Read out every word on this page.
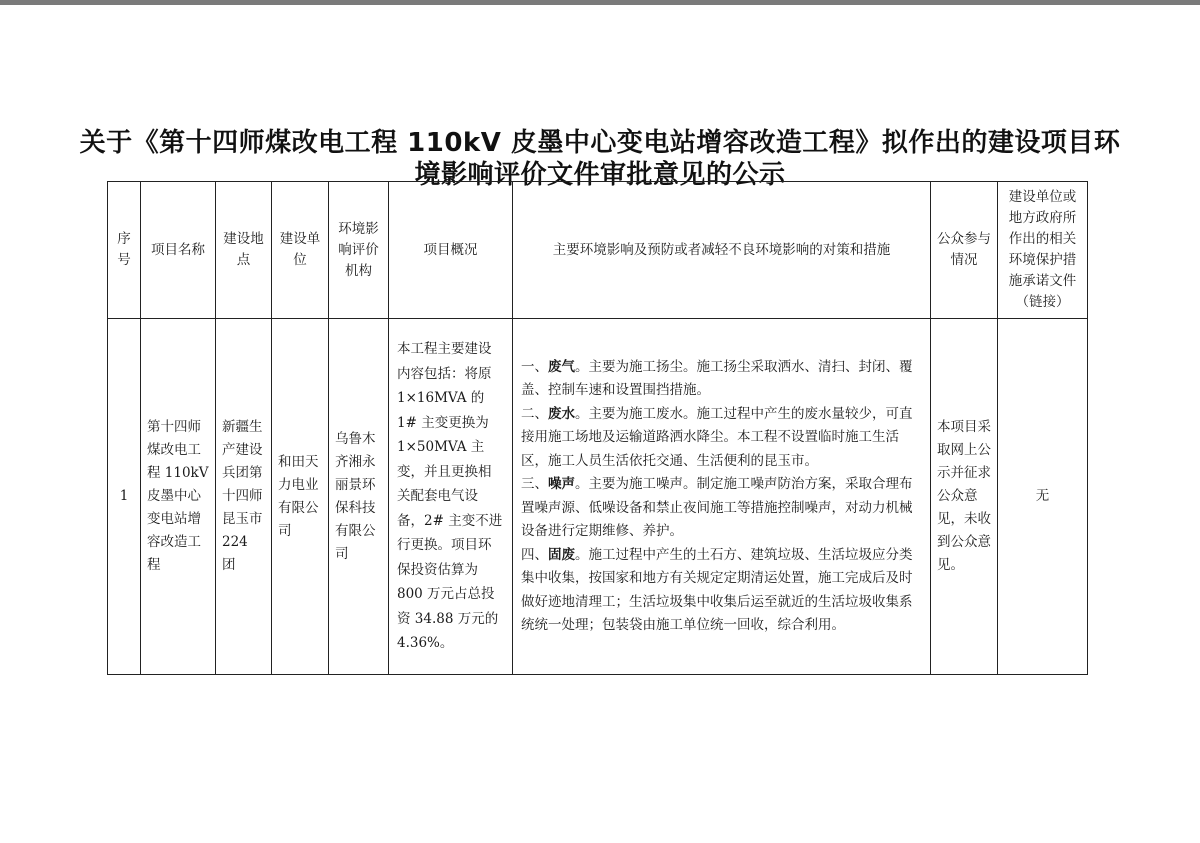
关于《第十四师煤改电工程 110kV 皮墨中心变电站增容改造工程》拟作出的建设项目环
境影响评价文件审批意见的公示
序号	项目名称	建设地点	建设单位	环境影响评价机构	项目概况	主要环境影响及预防或者减轻不良环境影响的对策和措施	公众参与情况	建设单位或地方政府所作出的相关环境保护措施承诺文件（链接）
1	第十四师煤改电工程 110kV 皮墨中心变电站增容改造工程	新疆生产建设兵团第十四师昆玉市 224 团	和田天力电业有限公司	乌鲁木齐湘永丽景环保科技有限公司	本工程主要建设内容包括：将原 1×16MVA 的 1# 主变更换为 1×50MVA 主变，并且更换相关配套电气设备，2# 主变不进行更换。项目环保投资估算为 800 万元占总投资 34.88 万元的 4.36%。	一、废气。主要为施工扬尘。施工扬尘采取洒水、清扫、封闭、覆盖、控制车速和设置围挡措施。

二、废水。主要为施工废水。施工过程中产生的废水量较少，可直接用施工场地及运输道路洒水降尘。本工程不设置临时施工生活区，施工人员生活依托交通、生活便利的昆玉市。

三、噪声。主要为施工噪声。制定施工噪声防治方案，采取合理布置噪声源、低噪设备和禁止夜间施工等措施控制噪声，对动力机械设备进行定期维修、养护。

四、固废。施工过程中产生的土石方、建筑垃圾、生活垃圾应分类集中收集，按国家和地方有关规定定期清运处置，施工完成后及时做好迹地清理工；生活垃圾集中收集后运至就近的生活垃圾收集系统统一处理；包装袋由施工单位统一回收，综合利用。	本项目采取网上公示并征求公众意见，未收到公众意见。	无
